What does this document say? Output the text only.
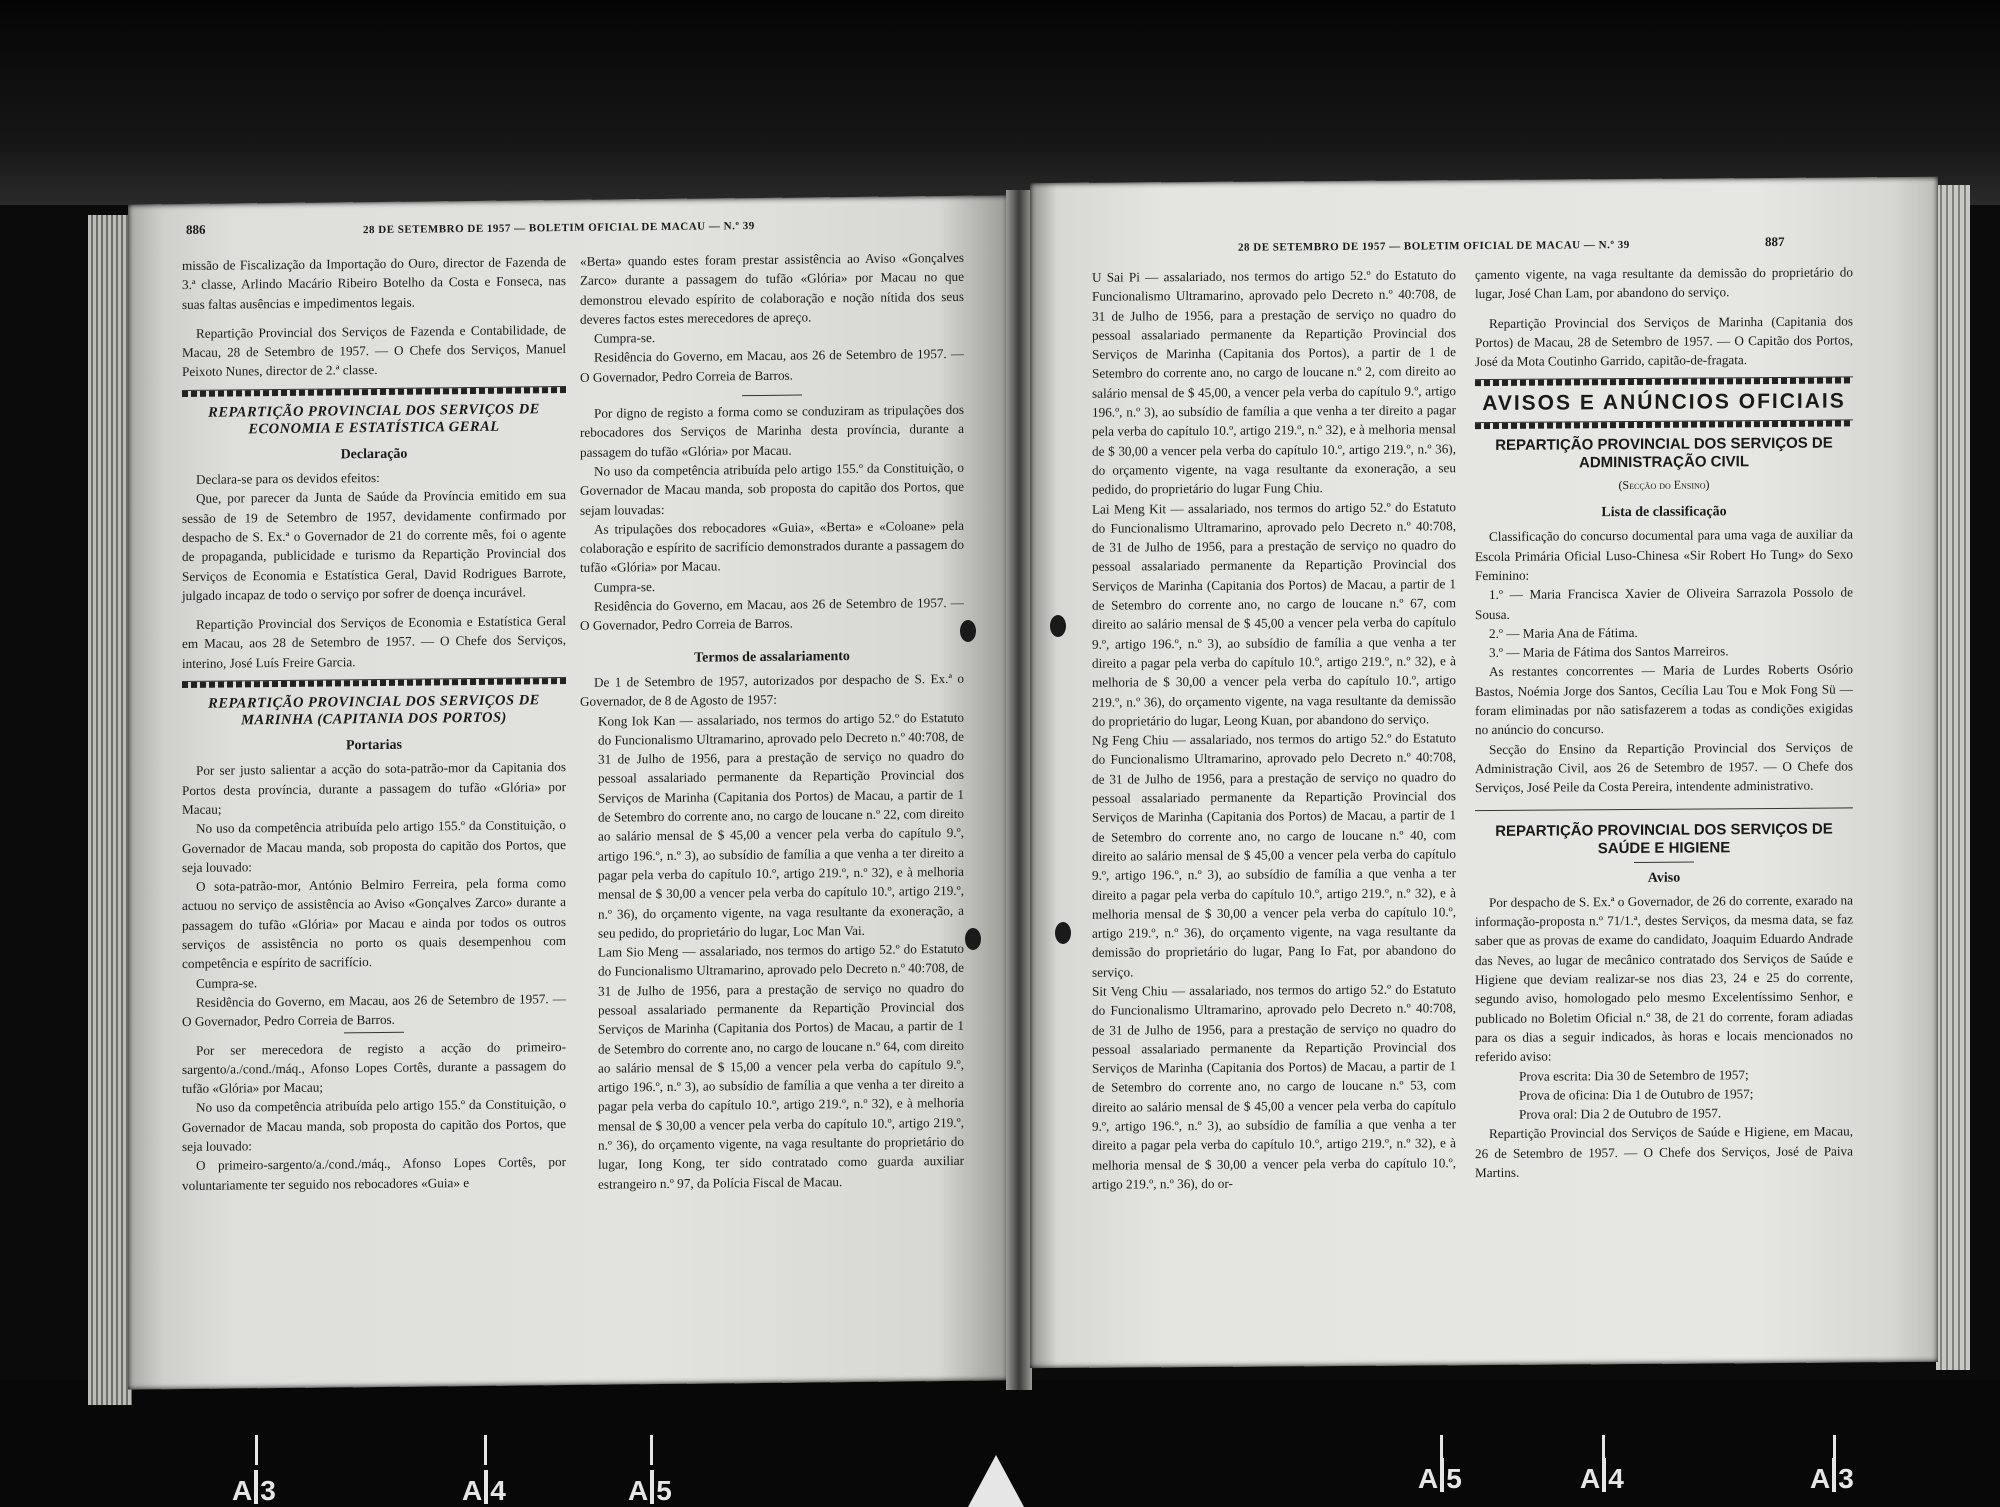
886	28 DE SETEMBRO DE 1957 — BOLETIM OFICIAL DE MACAU — N.º 39

missão de Fiscalização da Importação do Ouro, director de Fazenda de 3.ª classe, Arlindo Macário Ribeiro Botelho da Costa e Fonseca, nas suas faltas ausências e impedimentos legais.

Repartição Provincial dos Serviços de Fazenda e Contabilidade, de Macau, 28 de Setembro de 1957. — O Chefe dos Serviços, Manuel Peixoto Nunes, director de 2.ª classe.

REPARTIÇÃO PROVINCIAL DOS SERVIÇOS DE ECONOMIA E ESTATÍSTICA GERAL
Declaração

Declara-se para os devidos efeitos:

Que, por parecer da Junta de Saúde da Província emitido em sua sessão de 19 de Setembro de 1957, devidamente confirmado por despacho de S. Ex.ª o Governador de 21 do corrente mês, foi o agente de propaganda, publicidade e turismo da Repartição Provincial dos Serviços de Economia e Estatística Geral, David Rodrigues Barrote, julgado incapaz de todo o serviço por sofrer de doença incurável.

Repartição Provincial dos Serviços de Economia e Estatística Geral em Macau, aos 28 de Setembro de 1957. — O Chefe dos Serviços, interino, José Luís Freire Garcia.

REPARTIÇÃO PROVINCIAL DOS SERVIÇOS DE MARINHA (CAPITANIA DOS PORTOS)
Portarias

Por ser justo salientar a acção do sota-patrão-mor da Capitania dos Portos desta província, durante a passagem do tufão «Glória» por Macau;

No uso da competência atribuída pelo artigo 155.º da Constituição, o Governador de Macau manda, sob proposta do capitão dos Portos, que seja louvado:

O sota-patrão-mor, António Belmiro Ferreira, pela forma como actuou no serviço de assistência ao Aviso «Gonçalves Zarco» durante a passagem do tufão «Glória» por Macau e ainda por todos os outros serviços de assistência no porto os quais desempenhou com competência e espírito de sacrifício.

Cumpra-se.

Residência do Governo, em Macau, aos 26 de Setembro de 1957. — O Governador, Pedro Correia de Barros.

Por ser merecedora de registo a acção do primeiro-sargento/a./cond./máq., Afonso Lopes Cortês, durante a passagem do tufão «Glória» por Macau;

No uso da competência atribuída pelo artigo 155.º da Constituição, o Governador de Macau manda, sob proposta do capitão dos Portos, que seja louvado:

O primeiro-sargento/a./cond./máq., Afonso Lopes Cortês, por voluntariamente ter seguido nos rebocadores «Guia» e

«Berta» quando estes foram prestar assistência ao Aviso «Gonçalves Zarco» durante a passagem do tufão «Glória» por Macau no que demonstrou elevado espírito de colaboração e noção nítida dos seus deveres factos estes merecedores de apreço.

Cumpra-se.

Residência do Governo, em Macau, aos 26 de Setembro de 1957. — O Governador, Pedro Correia de Barros.

Por digno de registo a forma como se conduziram as tripulações dos rebocadores dos Serviços de Marinha desta província, durante a passagem do tufão «Glória» por Macau.

No uso da competência atribuída pelo artigo 155.º da Constituição, o Governador de Macau manda, sob proposta do capitão dos Portos, que sejam louvadas:

As tripulações dos rebocadores «Guia», «Berta» e «Coloane» pela colaboração e espírito de sacrifício demonstrados durante a passagem do tufão «Glória» por Macau.

Cumpra-se.

Residência do Governo, em Macau, aos 26 de Setembro de 1957. — O Governador, Pedro Correia de Barros.

Termos de assalariamento

De 1 de Setembro de 1957, autorizados por despacho de S. Ex.ª o Governador, de 8 de Agosto de 1957:

Kong Iok Kan — assalariado, nos termos do artigo 52.º do Estatuto do Funcionalismo Ultramarino, aprovado pelo Decreto n.º 40:708, de 31 de Julho de 1956, para a prestação de serviço no quadro do pessoal assalariado permanente da Repartição Provincial dos Serviços de Marinha (Capitania dos Portos) de Macau, a partir de 1 de Setembro do corrente ano, no cargo de loucane n.º 22, com direito ao salário mensal de $ 45,00 a vencer pela verba do capítulo 9.º, artigo 196.º, n.º 3), ao subsídio de família a que venha a ter direito a pagar pela verba do capítulo 10.º, artigo 219.º, n.º 32), e à melhoria mensal de $ 30,00 a vencer pela verba do capítulo 10.º, artigo 219.º, n.º 36), do orçamento vigente, na vaga resultante da exoneração, a seu pedido, do proprietário do lugar, Loc Man Vai.

Lam Sio Meng — assalariado, nos termos do artigo 52.º do Estatuto do Funcionalismo Ultramarino, aprovado pelo Decreto n.º 40:708, de 31 de Julho de 1956, para a prestação de serviço no quadro do pessoal assalariado permanente da Repartição Provincial dos Serviços de Marinha (Capitania dos Portos) de Macau, a partir de 1 de Setembro do corrente ano, no cargo de loucane n.º 64, com direito ao salário mensal de $ 15,00 a vencer pela verba do capítulo 9.º, artigo 196.º, n.º 3), ao subsídio de família a que venha a ter direito a pagar pela verba do capítulo 10.º, artigo 219.º, n.º 32), e à melhoria mensal de $ 30,00 a vencer pela verba do capítulo 10.º, artigo 219.º, n.º 36), do orçamento vigente, na vaga resultante do proprietário do lugar, Iong Kong, ter sido contratado como guarda auxiliar estrangeiro n.º 97, da Polícia Fiscal de Macau.

28 DE SETEMBRO DE 1957 — BOLETIM OFICIAL DE MACAU — N.º 39	887

U Sai Pi — assalariado, nos termos do artigo 52.º do Estatuto do Funcionalismo Ultramarino, aprovado pelo Decreto n.º 40:708, de 31 de Julho de 1956, para a prestação de serviço no quadro do pessoal assalariado permanente da Repartição Provincial dos Serviços de Marinha (Capitania dos Portos), a partir de 1 de Setembro do corrente ano, no cargo de loucane n.º 2, com direito ao salário mensal de $ 45,00, a vencer pela verba do capítulo 9.º, artigo 196.º, n.º 3), ao subsídio de família a que venha a ter direito a pagar pela verba do capítulo 10.º, artigo 219.º, n.º 32), e à melhoria mensal de $ 30,00 a vencer pela verba do capítulo 10.º, artigo 219.º, n.º 36), do orçamento vigente, na vaga resultante da exoneração, a seu pedido, do proprietário do lugar Fung Chiu.

Lai Meng Kit — assalariado, nos termos do artigo 52.º do Estatuto do Funcionalismo Ultramarino, aprovado pelo Decreto n.º 40:708, de 31 de Julho de 1956, para a prestação de serviço no quadro do pessoal assalariado permanente da Repartição Provincial dos Serviços de Marinha (Capitania dos Portos) de Macau, a partir de 1 de Setembro do corrente ano, no cargo de loucane n.º 67, com direito ao salário mensal de $ 45,00 a vencer pela verba do capítulo 9.º, artigo 196.º, n.º 3), ao subsídio de família a que venha a ter direito a pagar pela verba do capítulo 10.º, artigo 219.º, n.º 32), e à melhoria de $ 30,00 a vencer pela verba do capítulo 10.º, artigo 219.º, n.º 36), do orçamento vigente, na vaga resultante da demissão do proprietário do lugar, Leong Kuan, por abandono do serviço.

Ng Feng Chiu — assalariado, nos termos do artigo 52.º do Estatuto do Funcionalismo Ultramarino, aprovado pelo Decreto n.º 40:708, de 31 de Julho de 1956, para a prestação de serviço no quadro do pessoal assalariado permanente da Repartição Provincial dos Serviços de Marinha (Capitania dos Portos) de Macau, a partir de 1 de Setembro do corrente ano, no cargo de loucane n.º 40, com direito ao salário mensal de $ 45,00 a vencer pela verba do capítulo 9.º, artigo 196.º, n.º 3), ao subsídio de família a que venha a ter direito a pagar pela verba do capítulo 10.º, artigo 219.º, n.º 32), e à melhoria mensal de $ 30,00 a vencer pela verba do capítulo 10.º, artigo 219.º, n.º 36), do orçamento vigente, na vaga resultante da demissão do proprietário do lugar, Pang Io Fat, por abandono do serviço.

Sit Veng Chiu — assalariado, nos termos do artigo 52.º do Estatuto do Funcionalismo Ultramarino, aprovado pelo Decreto n.º 40:708, de 31 de Julho de 1956, para a prestação de serviço no quadro do pessoal assalariado permanente da Repartição Provincial dos Serviços de Marinha (Capitania dos Portos) de Macau, a partir de 1 de Setembro do corrente ano, no cargo de loucane n.º 53, com direito ao salário mensal de $ 45,00 a vencer pela verba do capítulo 9.º, artigo 196.º, n.º 3), ao subsídio de família a que venha a ter direito a pagar pela verba do capítulo 10.º, artigo 219.º, n.º 32), e à melhoria mensal de $ 30,00 a vencer pela verba do capítulo 10.º, artigo 219.º, n.º 36), do or-

çamento vigente, na vaga resultante da demissão do proprietário do lugar, José Chan Lam, por abandono do serviço.

Repartição Provincial dos Serviços de Marinha (Capitania dos Portos) de Macau, 28 de Setembro de 1957. — O Capitão dos Portos, José da Mota Coutinho Garrido, capitão-de-fragata.

AVISOS E ANÚNCIOS OFICIAIS
REPARTIÇÃO PROVINCIAL DOS SERVIÇOS DE ADMINISTRAÇÃO CIVIL
(Secção do Ensino)
Lista de classificação

Classificação do concurso documental para uma vaga de auxiliar da Escola Primária Oficial Luso-Chinesa «Sir Robert Ho Tung» do Sexo Feminino:

1.º — Maria Francisca Xavier de Oliveira Sarrazola Possolo de Sousa.

2.º — Maria Ana de Fátima.

3.º — Maria de Fátima dos Santos Marreiros.

As restantes concorrentes — Maria de Lurdes Roberts Osório Bastos, Noémia Jorge dos Santos, Cecília Lau Tou e Mok Fong Sü — foram eliminadas por não satisfazerem a todas as condições exigidas no anúncio do concurso.

Secção do Ensino da Repartição Provincial dos Serviços de Administração Civil, aos 26 de Setembro de 1957. — O Chefe dos Serviços, José Peile da Costa Pereira, intendente administrativo.

REPARTIÇÃO PROVINCIAL DOS SERVIÇOS DE SAÚDE E HIGIENE
Aviso

Por despacho de S. Ex.ª o Governador, de 26 do corrente, exarado na informação-proposta n.º 71/1.ª, destes Serviços, da mesma data, se faz saber que as provas de exame do candidato, Joaquim Eduardo Andrade das Neves, ao lugar de mecânico contratado dos Serviços de Saúde e Higiene que deviam realizar-se nos dias 23, 24 e 25 do corrente, segundo aviso, homologado pelo mesmo Excelentíssimo Senhor, e publicado no Boletim Oficial n.º 38, de 21 do corrente, foram adiadas para os dias a seguir indicados, às horas e locais mencionados no referido aviso:

Prova escrita: Dia 30 de Setembro de 1957;

Prova de oficina: Dia 1 de Outubro de 1957;

Prova oral: Dia 2 de Outubro de 1957.

Repartição Provincial dos Serviços de Saúde e Higiene, em Macau, 26 de Setembro de 1957. — O Chefe dos Serviços, José de Paiva Martins.

A 3	A 4	A 5	A 5	A 4	A 3
